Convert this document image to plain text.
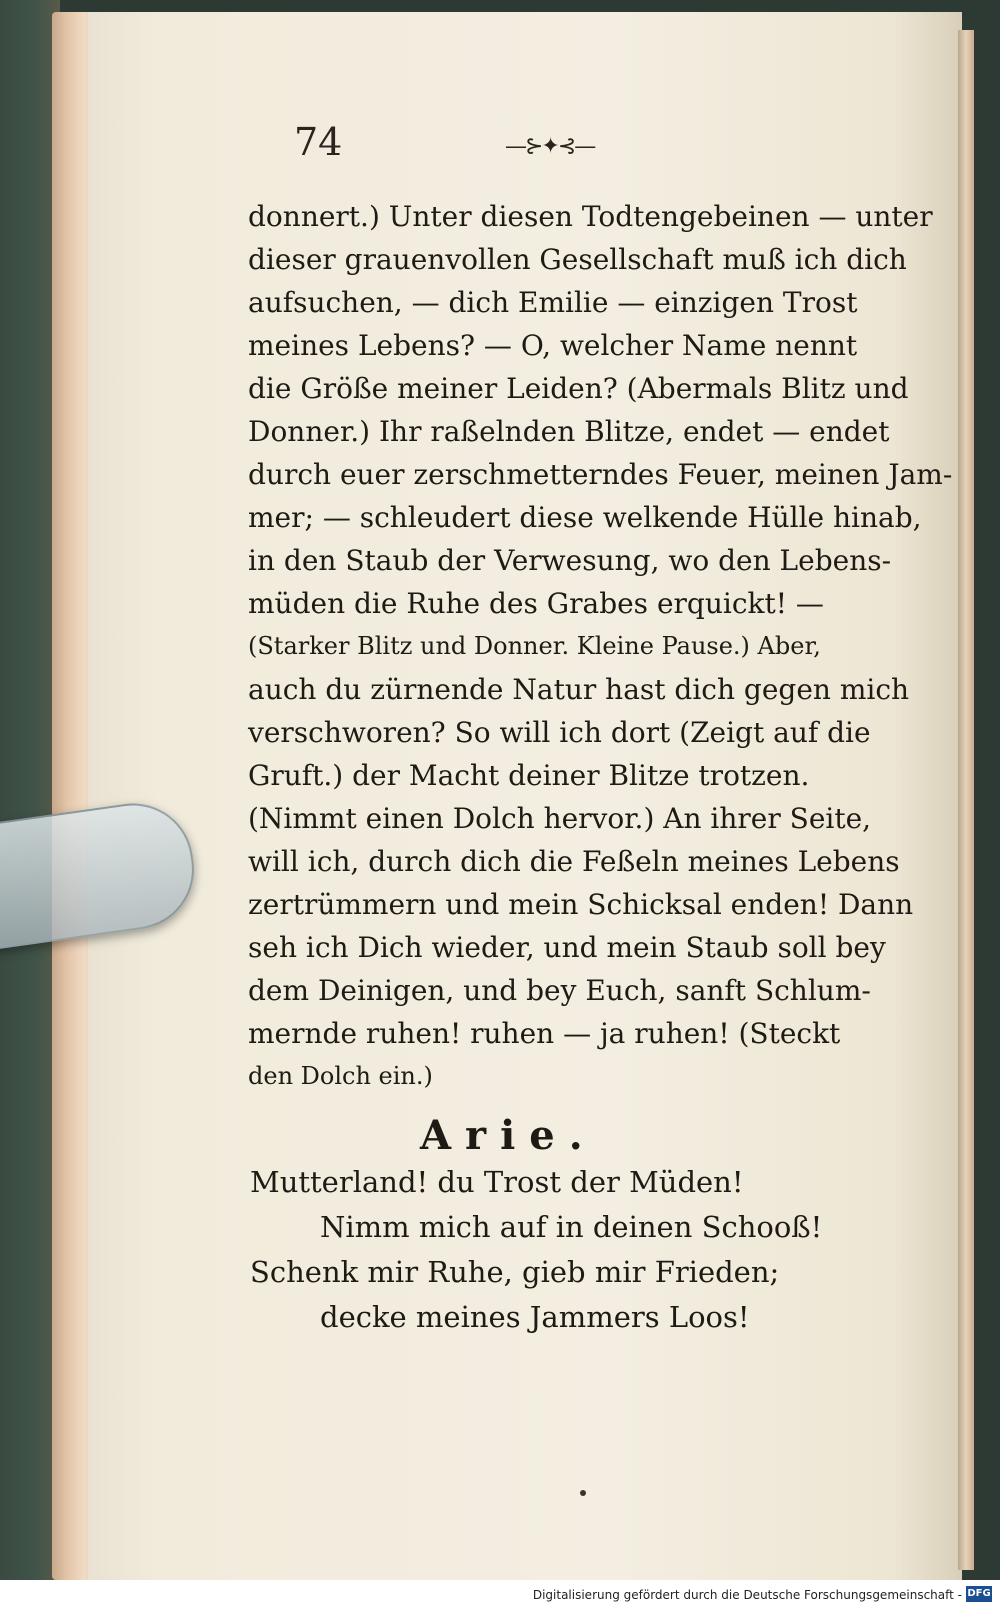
74	—⊱✦⊰—
donnert.) Unter diesen Todtengebeinen — unter
dieser grauenvollen Gesellschaft muß ich dich
aufsuchen, — dich Emilie — einzigen Trost
meines Lebens? — O, welcher Name nennt
die Größe meiner Leiden? (Abermals Blitz und
Donner.) Ihr raßelnden Blitze, endet — endet
durch euer zerschmetterndes Feuer, meinen Jam-
mer; — schleudert diese welkende Hülle hinab,
in den Staub der Verwesung, wo den Lebens-
müden die Ruhe des Grabes erquickt! —
(Starker Blitz und Donner. Kleine Pause.) Aber,
auch du zürnende Natur hast dich gegen mich
verschworen? So will ich dort (Zeigt auf die
Gruft.) der Macht deiner Blitze trotzen.
(Nimmt einen Dolch hervor.) An ihrer Seite,
will ich, durch dich die Feßeln meines Lebens
zertrümmern und mein Schicksal enden! Dann
seh ich Dich wieder, und mein Staub soll bey
dem Deinigen, und bey Euch, sanft Schlum-
mernde ruhen! ruhen — ja ruhen! (Steckt
den Dolch ein.)
Arie.
Mutterland! du Trost der Müden!
Nimm mich auf in deinen Schooß!
Schenk mir Ruhe, gieb mir Frieden;
decke meines Jammers Loos!
Digitalisierung gefördert durch die Deutsche Forschungsgemeinschaft - DFG
